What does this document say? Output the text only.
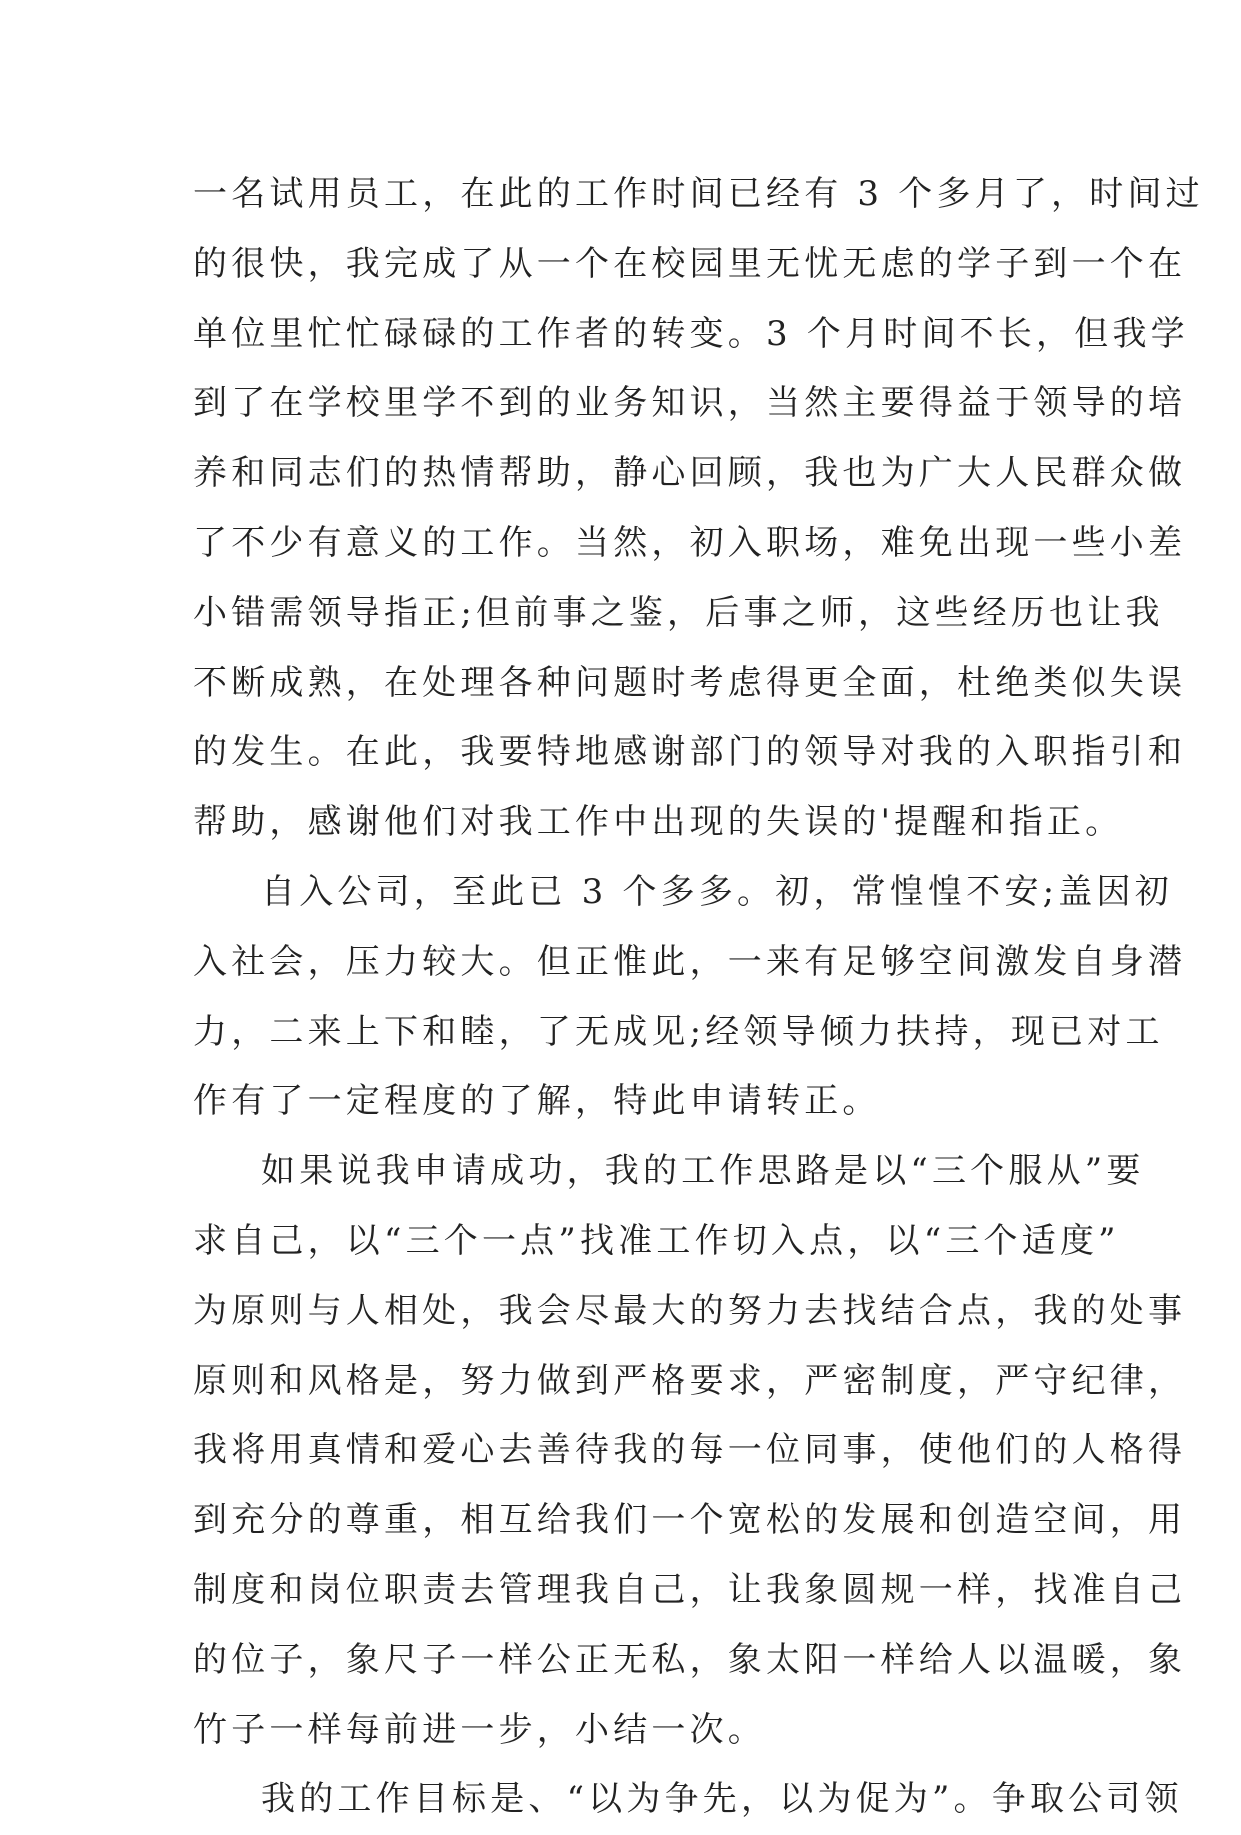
一名试用员工，在此的工作时间已经有 3 个多月了，时间过
的很快，我完成了从一个在校园里无忧无虑的学子到一个在
单位里忙忙碌碌的工作者的转变。3 个月时间不长，但我学
到了在学校里学不到的业务知识，当然主要得益于领导的培
养和同志们的热情帮助，静心回顾，我也为广大人民群众做
了不少有意义的工作。当然，初入职场，难免出现一些小差
小错需领导指正;但前事之鉴，后事之师，这些经历也让我
不断成熟，在处理各种问题时考虑得更全面，杜绝类似失误
的发生。在此，我要特地感谢部门的领导对我的入职指引和
帮助，感谢他们对我工作中出现的失误的'提醒和指正。
自入公司，至此已 3 个多多。初，常惶惶不安;盖因初
入社会，压力较大。但正惟此，一来有足够空间激发自身潜
力，二来上下和睦，了无成见;经领导倾力扶持，现已对工
作有了一定程度的了解，特此申请转正。
如果说我申请成功，我的工作思路是以“三个服从”要
求自己，以“三个一点”找准工作切入点，以“三个适度”
为原则与人相处，我会尽最大的努力去找结合点，我的处事
原则和风格是，努力做到严格要求，严密制度，严守纪律，
我将用真情和爱心去善待我的每一位同事，使他们的人格得
到充分的尊重，相互给我们一个宽松的发展和创造空间，用
制度和岗位职责去管理我自己，让我象圆规一样，找准自己
的位子，象尺子一样公正无私，象太阳一样给人以温暖，象
竹子一样每前进一步，小结一次。
我的工作目标是、“以为争先，以为促为”。争取公司领
